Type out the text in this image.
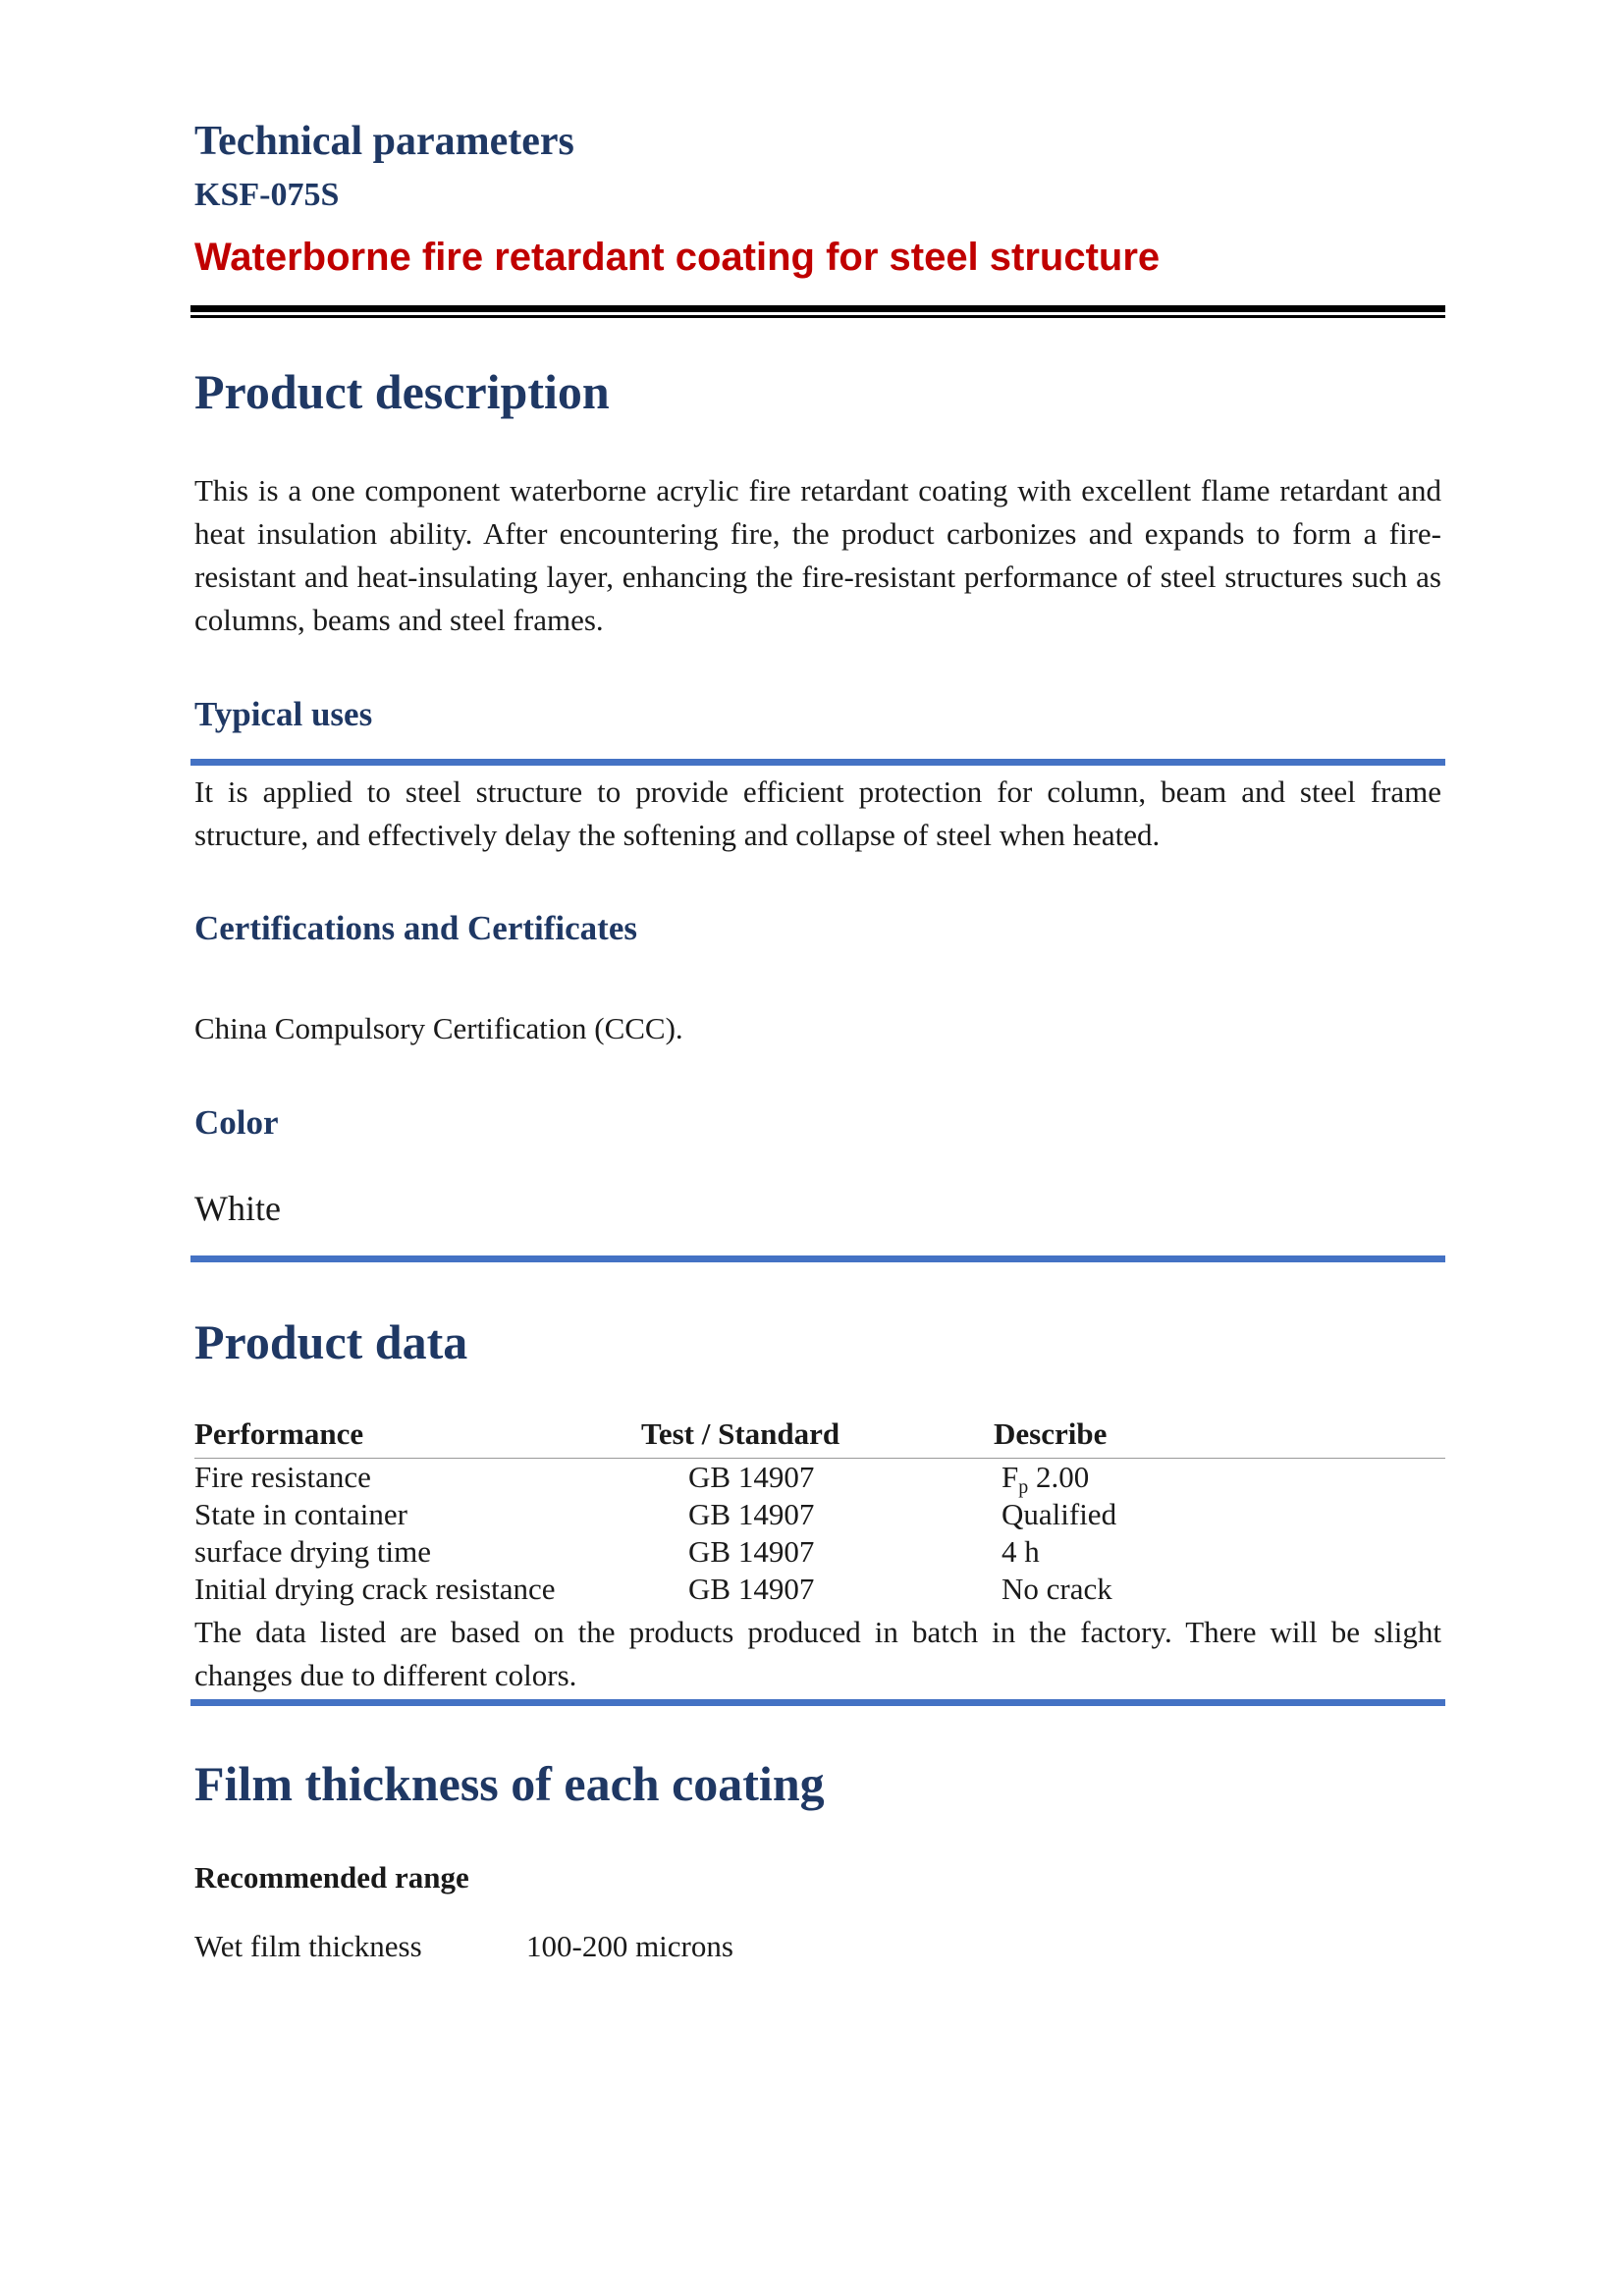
Technical parameters
KSF-075S
Waterborne fire retardant coating for steel structure
Product description
This is a one component waterborne acrylic fire retardant coating with excellent flame retardant and heat insulation ability. After encountering fire, the product carbonizes and expands to form a fire-resistant and heat-insulating layer, enhancing the fire-resistant performance of steel structures such as columns, beams and steel frames.
Typical uses
It is applied to steel structure to provide efficient protection for column, beam and steel frame structure, and effectively delay the softening and collapse of steel when heated.
Certifications and Certificates
China Compulsory Certification (CCC).
Color
White
Product data
Performance	Test / Standard	Describe
Fire resistance	GB 14907	$F_p$ 2.00
State in container	GB 14907	Qualified
surface drying time	GB 14907	4 h
Initial drying crack resistance	GB 14907	No crack
The data listed are based on the products produced in batch in the factory. There will be slight changes due to different colors.
Film thickness of each coating
Recommended range
Wet film thickness	100-200 microns
